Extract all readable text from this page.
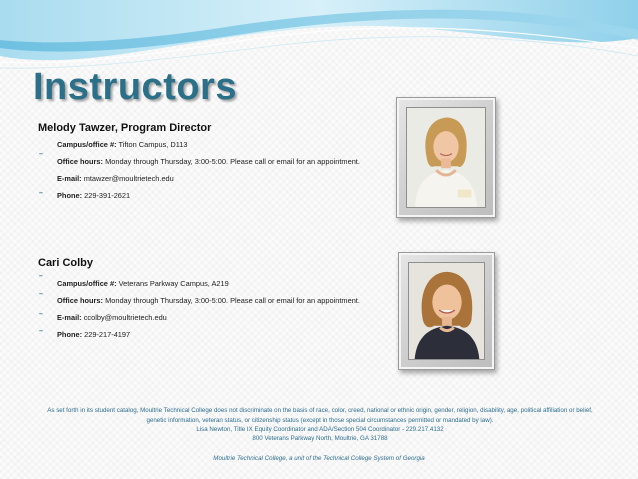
Instructors
Melody Tawzer, Program Director
Campus/office #: Tifton Campus, D113
–
Office hours: Monday through Thursday, 3:00-5:00. Please call or email for an appointment.
E-mail: mtawzer@moultrietech.edu
– Phone: 229-391-2621
Cari Colby
–
Campus/office #: Veterans Parkway Campus, A219
–
Office hours: Monday through Thursday, 3:00-5:00. Please call or email for an appointment.
– E-mail: ccolby@moultrietech.edu
– Phone: 229-217-4197
As set forth in its student catalog, Moultrie Technical College does not discriminate on the basis of race, color, creed, national or ethnic origin, gender, religion, disability, age, political affiliation or belief, genetic information, veteran status, or citizenship status (except in those special circumstances permitted or mandated by law).
Lisa Newton, Title IX Equity Coordinator and ADA/Section 504 Coordinator - 229.217.4132
800 Veterans Parkway North, Moultrie, GA 31788
Moultrie Technical College, a unit of the Technical College System of Georgia
